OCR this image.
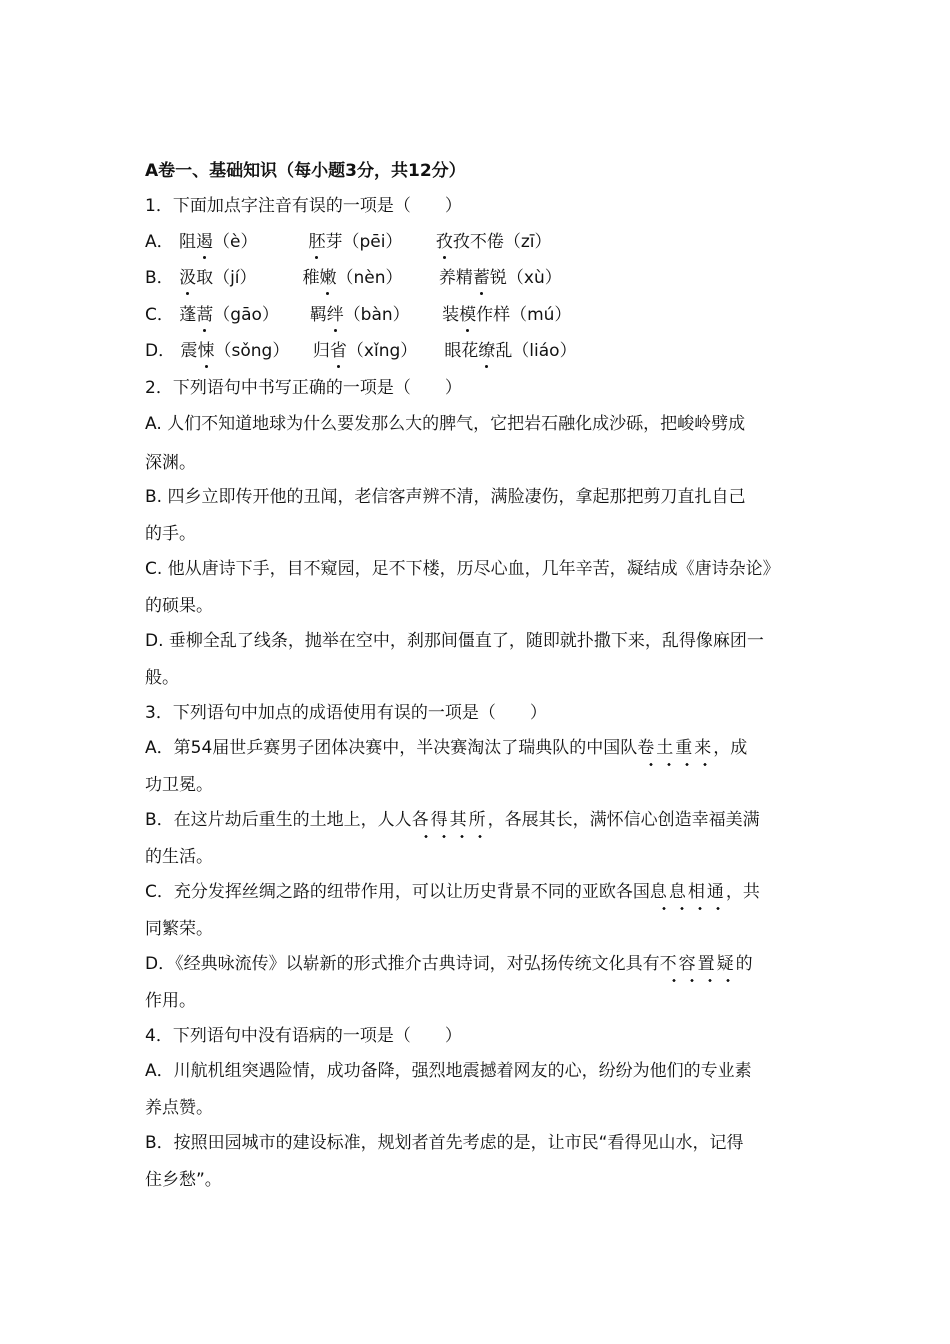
A卷一、基础知识（每小题3分，共12分）
1．下面加点字注音有误的一项是（　　）
A． 阻遏（è）	胚芽（pēi） 孜孜不倦（zī）
B． 汲取（jí）	稚嫩（nèn） 养精蓄锐（xù）
C． 蓬蒿（gāo） 羁绊（bàn） 装模作样（mú）
D． 震悚（sǒng） 归省（xǐng） 眼花缭乱（liáo）
2．下列语句中书写正确的一项是（　　）
A. 人们不知道地球为什么要发那么大的脾气，它把岩石融化成沙砾，把峻岭劈成
深渊。
B. 四乡立即传开他的丑闻，老信客声辨不清，满脸凄伤，拿起那把剪刀直扎自己
的手。
C. 他从唐诗下手，目不窥园，足不下楼，历尽心血，几年辛苦，凝结成《唐诗杂论》
的硕果。
D. 垂柳全乱了线条，抛举在空中，刹那间僵直了，随即就扑撒下来，乱得像麻团一
般。
3．下列语句中加点的成语使用有误的一项是（　　）
A．第54届世乒赛男子团体决赛中，半决赛淘汰了瑞典队的中国队卷土重来，成
功卫冕。
B．在这片劫后重生的土地上，人人各得其所，各展其长，满怀信心创造幸福美满
的生活。
C．充分发挥丝绸之路的纽带作用，可以让历史背景不同的亚欧各国息息相通，共
同繁荣。
D．《经典咏流传》以崭新的形式推介古典诗词，对弘扬传统文化具有不容置疑的
作用。
4．下列语句中没有语病的一项是（　　）
A．川航机组突遇险情，成功备降，强烈地震撼着网友的心，纷纷为他们的专业素
养点赞。
B．按照田园城市的建设标准，规划者首先考虑的是，让市民“看得见山水，记得
住乡愁”。
